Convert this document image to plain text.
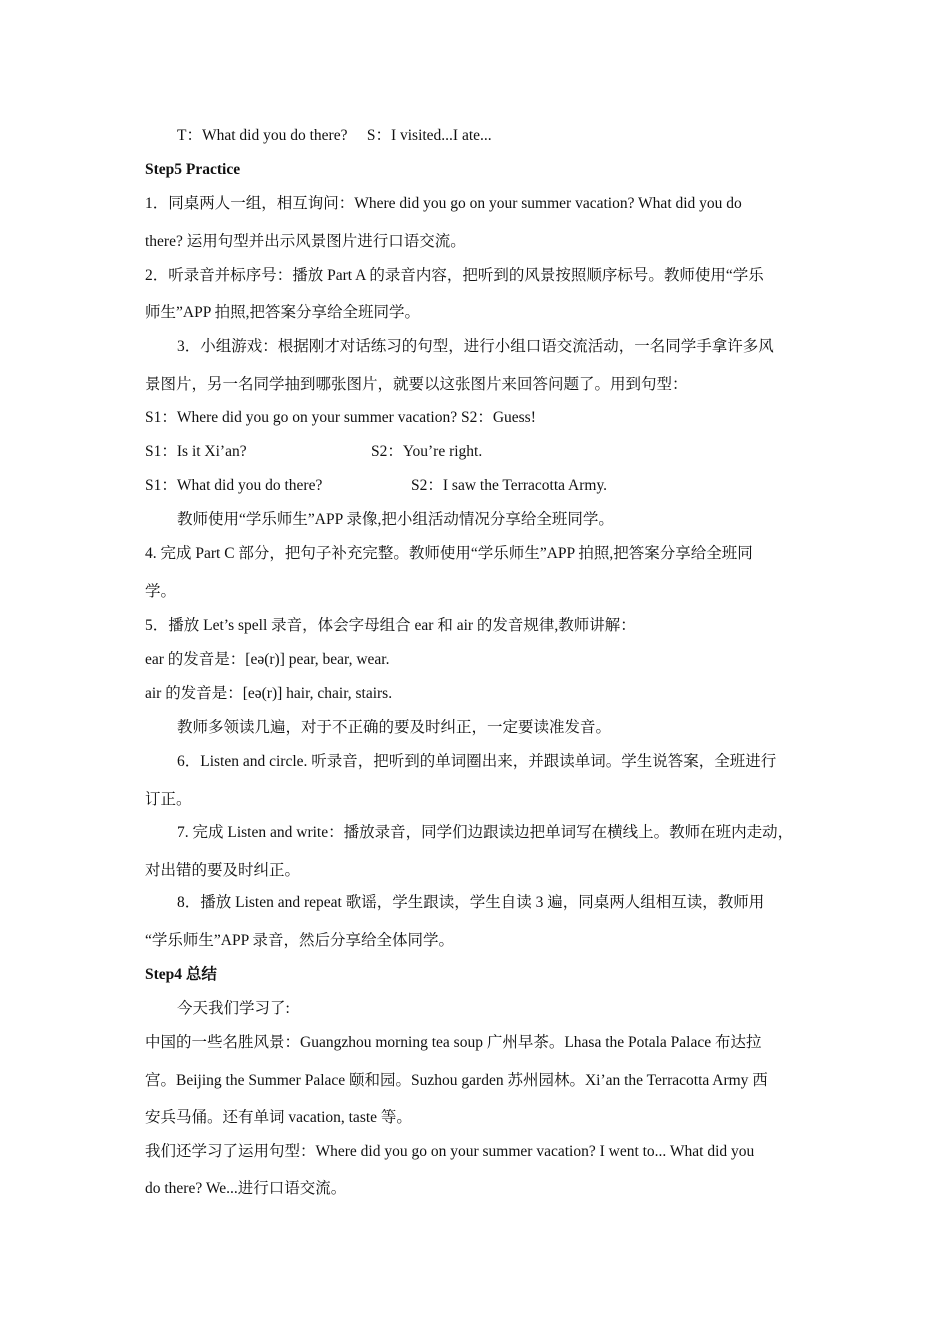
T：What did you do there?　 S：I visited...I ate...
Step5 Practice
1．同桌两人一组，相互询问：Where did you go on your summer vacation? What did you do
there? 运用句型并出示风景图片进行口语交流。
2．听录音并标序号：播放 Part A 的录音内容，把听到的风景按照顺序标号。教师使用“学乐
师生”APP 拍照,把答案分享给全班同学。
3．小组游戏：根据刚才对话练习的句型，进行小组口语交流活动，一名同学手拿许多风
景图片，另一名同学抽到哪张图片，就要以这张图片来回答问题了。用到句型：
S1：Where did you go on your summer vacation? S2：Guess!
S1：Is it Xi’an?	S2：You’re right.
S1：What did you do there?	S2：I saw the Terracotta Army.
教师使用“学乐师生”APP 录像,把小组活动情况分享给全班同学。
4. 完成 Part C 部分，把句子补充完整。教师使用“学乐师生”APP 拍照,把答案分享给全班同
学。
5．播放 Let’s spell 录音，体会字母组合 ear 和 air 的发音规律,教师讲解：
ear 的发音是：[eə(r)] pear, bear, wear.
air 的发音是：[eə(r)] hair, chair, stairs.
教师多领读几遍，对于不正确的要及时纠正，一定要读准发音。
6．Listen and circle. 听录音，把听到的单词圈出来，并跟读单词。学生说答案，全班进行
订正。
7. 完成 Listen and write：播放录音，同学们边跟读边把单词写在横线上。教师在班内走动，
对出错的要及时纠正。
8．播放 Listen and repeat 歌谣，学生跟读，学生自读 3 遍，同桌两人组相互读，教师用
“学乐师生”APP 录音，然后分享给全体同学。
Step4 总结
今天我们学习了:
中国的一些名胜风景：Guangzhou morning tea soup 广州早茶。Lhasa the Potala Palace 布达拉
宫。Beijing the Summer Palace 颐和园。Suzhou garden 苏州园林。Xi’an the Terracotta Army 西
安兵马俑。还有单词 vacation, taste 等。
我们还学习了运用句型：Where did you go on your summer vacation? I went to... What did you
do there? We...进行口语交流。
